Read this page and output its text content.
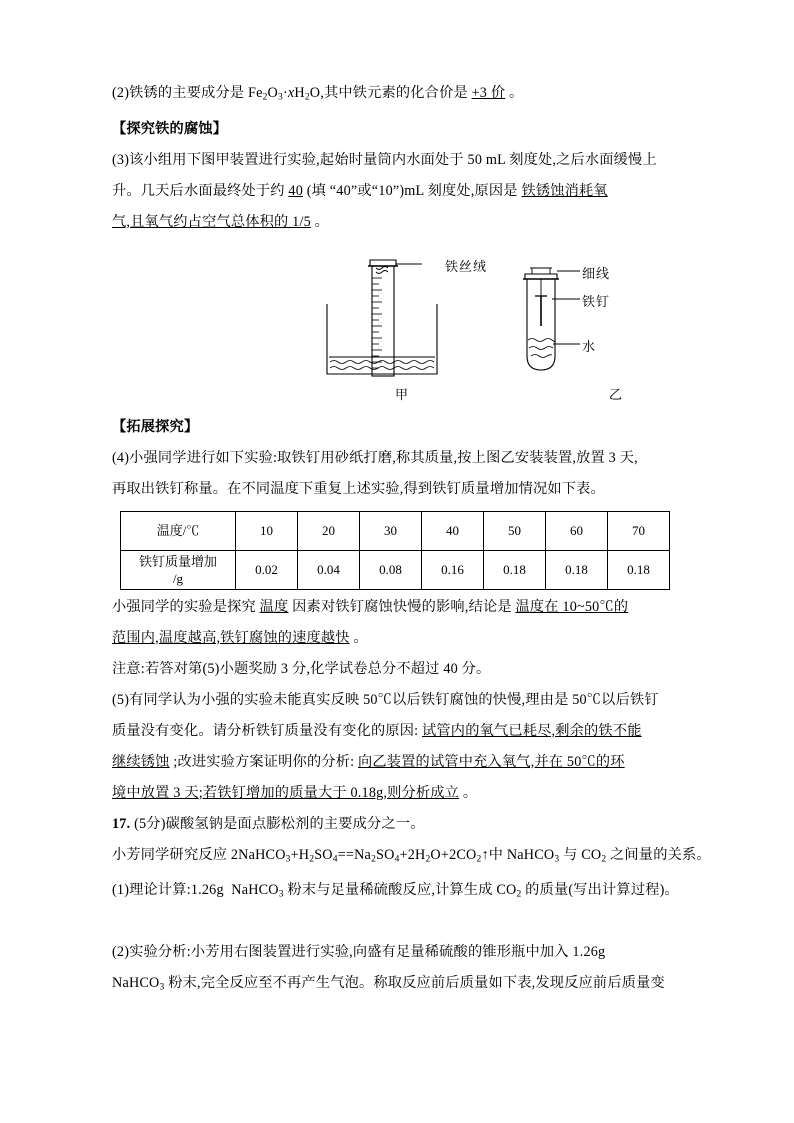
(2)铁锈的主要成分是 $Fe_2O_3\cdot xH_2O$,其中铁元素的化合价是 +3 价 。
【探究铁的腐蚀】
(3)该小组用下图甲装置进行实验,起始时量筒内水面处于 50 mL 刻度处,之后水面缓慢上
升。几天后水面最终处于约 40 (填 “40”或“10”)mL 刻度处,原因是 铁锈蚀消耗氧
气,且氧气约占空气总体积的 1/5 。
铁丝绒	细线
铁钉
水
甲	乙
【拓展探究】
(4)小强同学进行如下实验:取铁钉用砂纸打磨,称其质量,按上图乙安装装置,放置 3 天,
再取出铁钉称量。在不同温度下重复上述实验,得到铁钉质量增加情况如下表。
温度/℃	10	20	30	40	50	60	70

铁钉质量增加
/g	0.02	0.04	0.08	0.16	0.18	0.18	0.18
小强同学的实验是探究 温度 因素对铁钉腐蚀快慢的影响,结论是 温度在 10~50℃的
范围内,温度越高,铁钉腐蚀的速度越快 。
注意:若答对第(5)小题奖励 3 分,化学试卷总分不超过 40 分。
(5)有同学认为小强的实验未能真实反映 50℃以后铁钉腐蚀的快慢,理由是 50℃以后铁钉
质量没有变化。请分析铁钉质量没有变化的原因: 试管内的氧气已耗尽,剩余的铁不能
继续锈蚀 ;改进实验方案证明你的分析: 向乙装置的试管中充入氧气,并在 50℃的环
境中放置 3 天;若铁钉增加的质量大于 0.18g,则分析成立 。
17. (5分)碳酸氢钠是面点膨松剂的主要成分之一。
小芳同学研究反应 $2NaHCO_3+H_2SO_4==Na_2SO_4+2H_2O+2CO_2↑$中 NaHCO$_3$ 与 $CO_2$ 之间量的关系。
(1)理论计算:1.26g  NaHCO$_3$ 粉末与足量稀硫酸反应,计算生成 $CO_2$ 的质量(写出计算过程)。
(2)实验分析:小芳用右图装置进行实验,向盛有足量稀硫酸的锥形瓶中加入 1.26g
NaHCO$_3$ 粉末,完全反应至不再产生气泡。称取反应前后质量如下表,发现反应前后质量变
